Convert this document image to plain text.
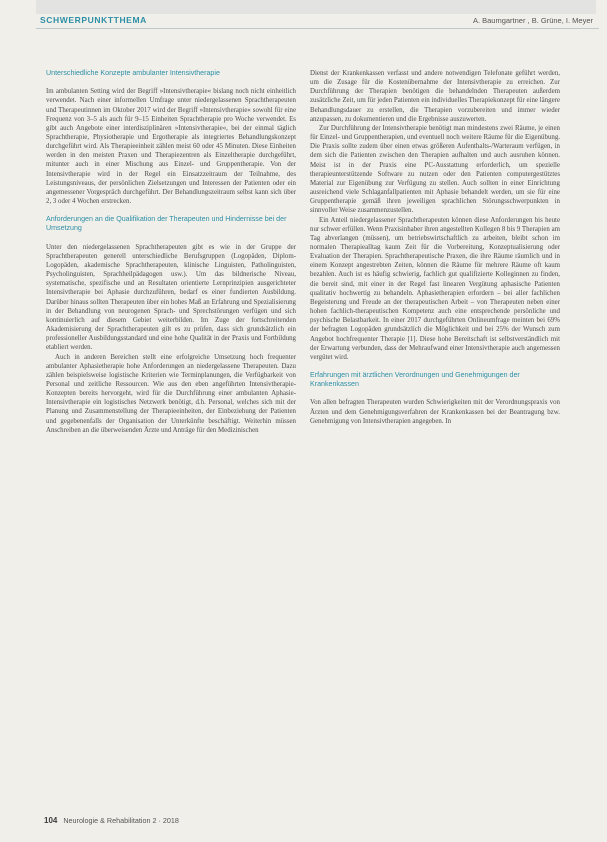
SCHWERPUNKTTHEMA	A. Baumgartner , B. Grüne, I. Meyer
Unterschiedliche Konzepte ambulanter Intensivtherapie

Im ambulanten Setting wird der Begriff »Intensivtherapie« bislang noch nicht einheitlich verwendet. Nach einer informellen Umfrage unter niedergelassenen Sprachtherapeuten und Therapeutinnen im Oktober 2017 wird der Begriff »Intensivtherapie« sowohl für eine Frequenz von 3–5 als auch für 9–15 Einheiten Sprachtherapie pro Woche verwendet. Es gibt auch Angebote einer interdisziplinären »Intensivtherapie«, bei der einmal täglich Sprachtherapie, Physiotherapie und Ergotherapie als integriertes Behandlungskonzept durchgeführt wird. Als Therapieeinheit zählen meist 60 oder 45 Minuten. Diese Einheiten werden in den meisten Praxen und Therapiezentren als Einzeltherapie durchgeführt, mitunter auch in einer Mischung aus Einzel- und Gruppentherapie. Von der Intensivtherapie wird in der Regel ein Einsatzzeitraum der Teilnahme, des Leistungsniveaus, der persönlichen Zielsetzungen und Interessen der Patienten oder ein angemessener Vorgespräch durchgeführt. Der Behandlungszeitraum selbst kann sich über 2, 3 oder 4 Wochen erstrecken.

Anforderungen an die Qualifikation der Therapeuten und Hindernisse bei der Umsetzung

Unter den niedergelassenen Sprachtherapeuten gibt es wie in der Gruppe der Sprachtherapeuten generell unterschiedliche Berufsgruppen (Logopäden, Diplom-Logopäden, akademische Sprachtherapeuten, klinische Linguisten, Patholinguisten, Psycholinguisten, Sprachheilpädagogen usw.). Um das bildnerische Niveau, systematische, spezifische und an Resultaten orientierte Lernprinzipien ausgerichteter Intensivtherapie bei Aphasie durchzuführen, bedarf es einer fundierten Ausbildung. Darüber hinaus sollten Therapeuten über ein hohes Maß an Erfahrung und Spezialisierung in der Behandlung von neurogenen Sprach- und Sprechstörungen verfügen und sich kontinuierlich auf diesem Gebiet weiterbilden. Im Zuge der fortschreitenden Akademisierung der Sprachtherapeuten gilt es zu prüfen, dass sich grundsätzlich ein professioneller Ausbildungsstandard und eine hohe Qualität in der Praxis und Fortbildung etabliert werden.

Auch in anderen Bereichen stellt eine erfolgreiche Umsetzung hoch frequenter ambulanter Aphasietherapie hohe Anforderungen an niedergelassene Therapeuten. Dazu zählen beispielsweise logistische Kriterien wie Terminplanungen, die Verfügbarkeit von Personal und zeitliche Ressourcen. Wie aus den eben angeführten Intensivtherapie-Konzepten bereits hervorgeht, wird für die Durchführung einer ambulanten Aphasie-Intensivtherapie ein logistisches Netzwerk benötigt, d.h. Personal, welches sich mit der Planung und Zusammenstellung der Therapieeinheiten, der Einbeziehung der Patienten und gegebenenfalls der Organisation der Unterkünfte beschäftigt. Weiterhin müssen Anschreiben an die überweisenden Ärzte und Anträge für den Medizinischen

Dienst der Krankenkassen verfasst und andere notwendigen Telefonate geführt werden, um die Zusage für die Kostenübernahme der Intensivtherapie zu erreichen. Zur Durchführung der Therapien benötigen die behandelnden Therapeuten außerdem zusätzliche Zeit, um für jeden Patienten ein individuelles Therapiekonzept für eine längere Behandlungsdauer zu erstellen, die Therapien vorzubereiten und immer wieder anzupassen, zu dokumentieren und die Ergebnisse auszuwerten.

Zur Durchführung der Intensivtherapie benötigt man mindestens zwei Räume, je einen für Einzel- und Gruppentherapien, und eventuell noch weitere Räume für die Eigenübung. Die Praxis sollte zudem über einen etwas größeren Aufenthalts-/Warteraum verfügen, in dem sich die Patienten zwischen den Therapien aufhalten und auch ausruhen können. Meist ist in der Praxis eine PC-Ausstattung erforderlich, um spezielle therapieunterstützende Software zu nutzen oder den Patienten computergestütztes Material zur Eigenübung zur Verfügung zu stellen. Auch sollten in einer Einrichtung ausreichend viele Schlaganfallpatienten mit Aphasie behandelt werden, um sie für eine Gruppentherapie gemäß ihren jeweiligen sprachlichen Störungsschwerpunkten in sinnvoller Weise zusammenzustellen.

Ein Anteil niedergelassener Sprachtherapeuten können diese Anforderungen bis heute nur schwer erfüllen. Wenn Praxisinhaber ihren angestellten Kollegen 8 bis 9 Therapien am Tag abverlangen (müssen), um betriebswirtschaftlich zu arbeiten, bleibt schon im normalen Therapiealltag kaum Zeit für die Vorbereitung, Konzeptualisierung oder Evaluation der Therapien. Sprachtherapeutische Praxen, die ihre Räume räumlich und in einem Konzept angestrebten Zeiten, können die Räume für mehrere Räume oft kaum bezahlen. Auch ist es häufig schwierig, fachlich gut qualifizierte Kolleginnen zu finden, die bereit sind, mit einer in der Regel fast linearen Vergütung aphasische Patienten qualitativ hochwertig zu behandeln. Aphasietherapien erfordern – bei aller fachlichen Begeisterung und Freude an der therapeutischen Arbeit – von Therapeuten neben einer hohen fachlich-therapeutischen Kompetenz auch eine entsprechende persönliche und psychische Belastbarkeit. In einer 2017 durchgeführten Onlineumfrage meinten bei 69% der befragten Logopäden grundsätzlich die Möglichkeit und bei 25% der Wunsch zum Angebot hochfrequenter Therapie [1]. Diese hohe Bereitschaft ist selbstverständlich mit der Erwartung verbunden, dass der Mehraufwand einer Intensivtherapie auch angemessen vergütet wird.

Erfahrungen mit ärztlichen Verordnungen und Genehmigungen der Krankenkassen

Von allen befragten Therapeuten wurden Schwierigkeiten mit der Verordnungspraxis von Ärzten und dem Genehmigungsverfahren der Krankenkassen bei der Beantragung bzw. Genehmigung von Intensivtherapien angegeben. In

104 Neurologie & Rehabilitation 2 · 2018
